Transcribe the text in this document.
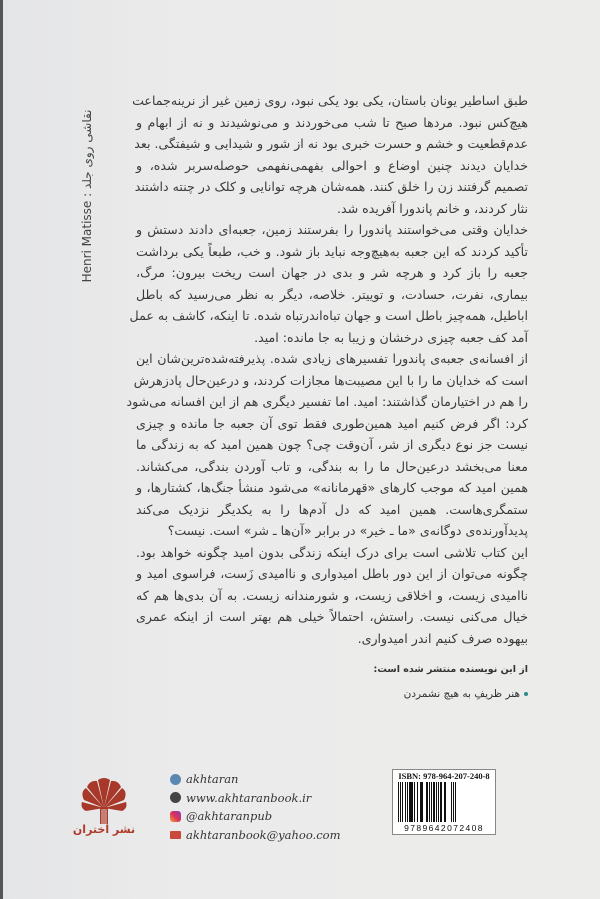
Henri Matisse : نقاشی روی جلد
طبق اساطیر یونان باستان، یکی بود یکی نبود، روی زمین غیر از نرینه‌جماعت
هیچ‌کس نبود. مردها صبح تا شب می‌خوردند و می‌نوشیدند و نه از ابهام و
عدم‌قطعیت و خشم و حسرت خبری بود نه از شور و شیدایی و شیفتگی. بعد
خدایان دیدند چنین اوضاع و احوالی بفهمی‌نفهمی حوصله‌سربر شده، و
تصمیم گرفتند زن را خلق کنند. همه‌شان هرچه توانایی و کلک در چنته داشتند
نثار کردند، و خانم پاندورا آفریده شد.
خدایان وقتی می‌خواستند پاندورا را بفرستند زمین، جعبه‌ای دادند دستش و
تأکید کردند که این جعبه به‌هیچ‌وجه نباید باز شود. و خب، طبعاً یکی برداشت
جعبه را باز کرد و هرچه شر و بدی در جهان است ریخت بیرون: مرگ،
بیماری، نفرت، حسادت، و توییتر. خلاصه، دیگر به نظر می‌رسید که باطل
اباطیل، همه‌چیز باطل است و جهان تباه‌اندرتباه شده. تا اینکه، کاشف به عمل
آمد کف جعبه چیزی درخشان و زیبا به جا مانده: امید.
از افسانه‌ی جعبه‌ی پاندورا تفسیرهای زیادی شده. پذیرفته‌شده‌ترین‌شان این
است که خدایان ما را با این مصیبت‌ها مجازات کردند، و درعین‌حال پادزهرش
را هم در اختیارمان گذاشتند: امید. اما تفسیر دیگری هم از این افسانه می‌شود
کرد: اگر فرض کنیم امید همین‌طوری فقط توی آن جعبه جا مانده و چیزی
نیست جز نوع دیگری از شر، آن‌وقت چی؟ چون همین امید که به زندگی ما
معنا می‌بخشد درعین‌حال ما را به بندگی، و تاب آوردن بندگی، می‌کشاند.
همین امید که موجب کارهای «قهرمانانه» می‌شود منشأ جنگ‌ها، کشتارها، و
ستمگری‌هاست. همین امید که دل آدم‌ها را به یکدیگر نزدیک می‌کند
پدیدآورنده‌ی دوگانه‌ی «ما ـ خیر» در برابر «آن‌ها ـ شر» است. نیست؟
این کتاب تلاشی است برای درک اینکه زندگی بدون امید چگونه خواهد بود.
چگونه می‌توان از این دور باطل امیدواری و ناامیدی زَست، فراسوی امید و
ناامیدی زیست، و اخلاقی زیست، و شورمندانه زیست. به آن بدی‌ها هم که
خیال می‌کنی نیست. راستش، احتمالاً خیلی هم بهتر است از اینکه عمری
بیهوده صرف کنیم اندر امیدواری.
از این نویسنده منتشر شده است:
هنر ظریفِ به هیچ نشمردن
نشر اختران
akhtaran
www.akhtaranbook.ir
@akhtaranpub
akhtaranbook@yahoo.com
ISBN: 978-964-207-240-8
9789642072408
